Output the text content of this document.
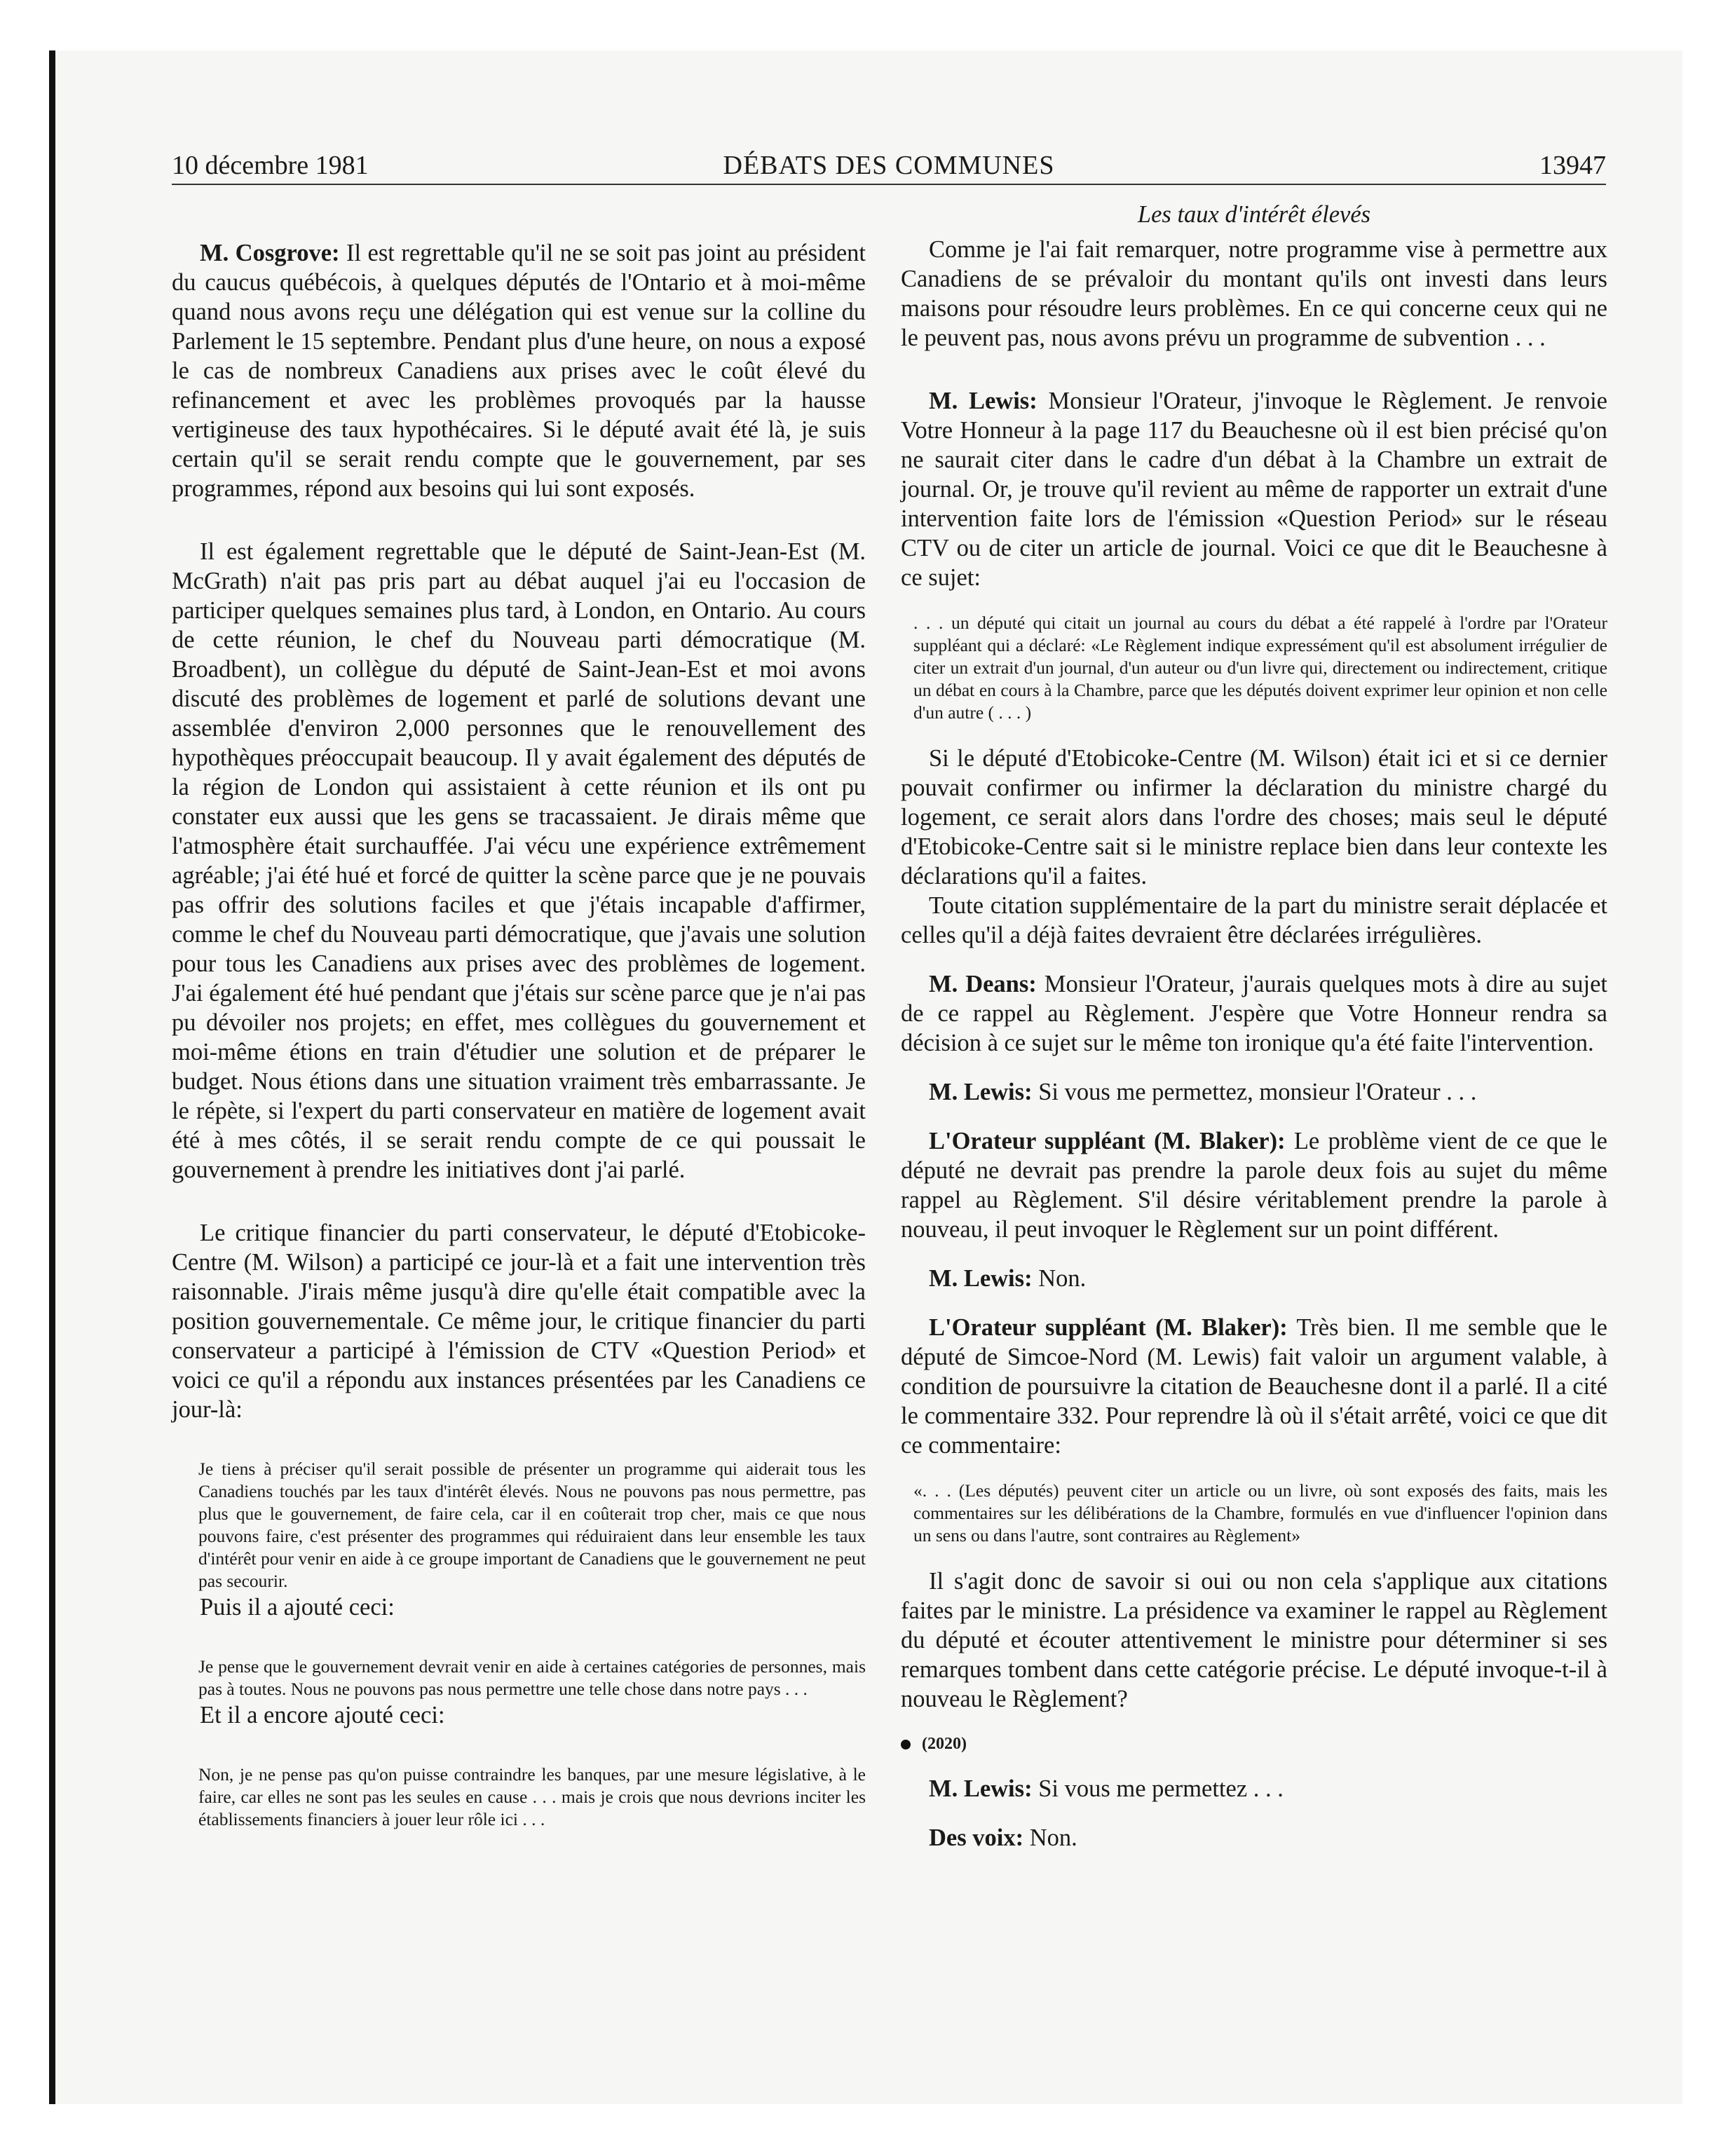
10 décembre 1981	DÉBATS DES COMMUNES	13947

M. Cosgrove: Il est regrettable qu'il ne se soit pas joint au président du caucus québécois, à quelques députés de l'Ontario et à moi-même quand nous avons reçu une délégation qui est venue sur la colline du Parlement le 15 septembre. Pendant plus d'une heure, on nous a exposé le cas de nombreux Canadiens aux prises avec le coût élevé du refinancement et avec les problèmes provoqués par la hausse vertigineuse des taux hypothécaires. Si le député avait été là, je suis certain qu'il se serait rendu compte que le gouvernement, par ses programmes, répond aux besoins qui lui sont exposés.

Il est également regrettable que le député de Saint-Jean-Est (M. McGrath) n'ait pas pris part au débat auquel j'ai eu l'occasion de participer quelques semaines plus tard, à London, en Ontario. Au cours de cette réunion, le chef du Nouveau parti démocratique (M. Broadbent), un collègue du député de Saint-Jean-Est et moi avons discuté des problèmes de logement et parlé de solutions devant une assemblée d'environ 2,000 personnes que le renouvellement des hypothèques préoccupait beaucoup. Il y avait également des députés de la région de London qui assistaient à cette réunion et ils ont pu constater eux aussi que les gens se tracassaient. Je dirais même que l'atmosphère était surchauffée. J'ai vécu une expérience extrêmement agréable; j'ai été hué et forcé de quitter la scène parce que je ne pouvais pas offrir des solutions faciles et que j'étais incapable d'affirmer, comme le chef du Nouveau parti démocratique, que j'avais une solution pour tous les Canadiens aux prises avec des problèmes de logement. J'ai également été hué pendant que j'étais sur scène parce que je n'ai pas pu dévoiler nos projets; en effet, mes collègues du gouvernement et moi-même étions en train d'étudier une solution et de préparer le budget. Nous étions dans une situation vraiment très embarrassante. Je le répète, si l'expert du parti conservateur en matière de logement avait été à mes côtés, il se serait rendu compte de ce qui poussait le gouvernement à prendre les initiatives dont j'ai parlé.

Le critique financier du parti conservateur, le député d'Etobicoke-Centre (M. Wilson) a participé ce jour-là et a fait une intervention très raisonnable. J'irais même jusqu'à dire qu'elle était compatible avec la position gouvernementale. Ce même jour, le critique financier du parti conservateur a participé à l'émission de CTV «Question Period» et voici ce qu'il a répondu aux instances présentées par les Canadiens ce jour-là:

Je tiens à préciser qu'il serait possible de présenter un programme qui aiderait tous les Canadiens touchés par les taux d'intérêt élevés. Nous ne pouvons pas nous permettre, pas plus que le gouvernement, de faire cela, car il en coûterait trop cher, mais ce que nous pouvons faire, c'est présenter des programmes qui réduiraient dans leur ensemble les taux d'intérêt pour venir en aide à ce groupe important de Canadiens que le gouvernement ne peut pas secourir.

Puis il a ajouté ceci:

Je pense que le gouvernement devrait venir en aide à certaines catégories de personnes, mais pas à toutes. Nous ne pouvons pas nous permettre une telle chose dans notre pays . . .

Et il a encore ajouté ceci:

Non, je ne pense pas qu'on puisse contraindre les banques, par une mesure législative, à le faire, car elles ne sont pas les seules en cause . . . mais je crois que nous devrions inciter les établissements financiers à jouer leur rôle ici . . .

Les taux d'intérêt élevés

Comme je l'ai fait remarquer, notre programme vise à permettre aux Canadiens de se prévaloir du montant qu'ils ont investi dans leurs maisons pour résoudre leurs problèmes. En ce qui concerne ceux qui ne le peuvent pas, nous avons prévu un programme de subvention . . .

M. Lewis: Monsieur l'Orateur, j'invoque le Règlement. Je renvoie Votre Honneur à la page 117 du Beauchesne où il est bien précisé qu'on ne saurait citer dans le cadre d'un débat à la Chambre un extrait de journal. Or, je trouve qu'il revient au même de rapporter un extrait d'une intervention faite lors de l'émission «Question Period» sur le réseau CTV ou de citer un article de journal. Voici ce que dit le Beauchesne à ce sujet:

. . . un député qui citait un journal au cours du débat a été rappelé à l'ordre par l'Orateur suppléant qui a déclaré: «Le Règlement indique expressément qu'il est absolument irrégulier de citer un extrait d'un journal, d'un auteur ou d'un livre qui, directement ou indirectement, critique un débat en cours à la Chambre, parce que les députés doivent exprimer leur opinion et non celle d'un autre ( . . . )

Si le député d'Etobicoke-Centre (M. Wilson) était ici et si ce dernier pouvait confirmer ou infirmer la déclaration du ministre chargé du logement, ce serait alors dans l'ordre des choses; mais seul le député d'Etobicoke-Centre sait si le ministre replace bien dans leur contexte les déclarations qu'il a faites.

Toute citation supplémentaire de la part du ministre serait déplacée et celles qu'il a déjà faites devraient être déclarées irrégulières.

M. Deans: Monsieur l'Orateur, j'aurais quelques mots à dire au sujet de ce rappel au Règlement. J'espère que Votre Honneur rendra sa décision à ce sujet sur le même ton ironique qu'a été faite l'intervention.

M. Lewis: Si vous me permettez, monsieur l'Orateur . . .

L'Orateur suppléant (M. Blaker): Le problème vient de ce que le député ne devrait pas prendre la parole deux fois au sujet du même rappel au Règlement. S'il désire véritablement prendre la parole à nouveau, il peut invoquer le Règlement sur un point différent.

M. Lewis: Non.

L'Orateur suppléant (M. Blaker): Très bien. Il me semble que le député de Simcoe-Nord (M. Lewis) fait valoir un argument valable, à condition de poursuivre la citation de Beauchesne dont il a parlé. Il a cité le commentaire 332. Pour reprendre là où il s'était arrêté, voici ce que dit ce commentaire:

«. . . (Les députés) peuvent citer un article ou un livre, où sont exposés des faits, mais les commentaires sur les délibérations de la Chambre, formulés en vue d'influencer l'opinion dans un sens ou dans l'autre, sont contraires au Règlement»

Il s'agit donc de savoir si oui ou non cela s'applique aux citations faites par le ministre. La présidence va examiner le rappel au Règlement du député et écouter attentivement le ministre pour déterminer si ses remarques tombent dans cette catégorie précise. Le député invoque-t-il à nouveau le Règlement?

(2020)

M. Lewis: Si vous me permettez . . .

Des voix: Non.
